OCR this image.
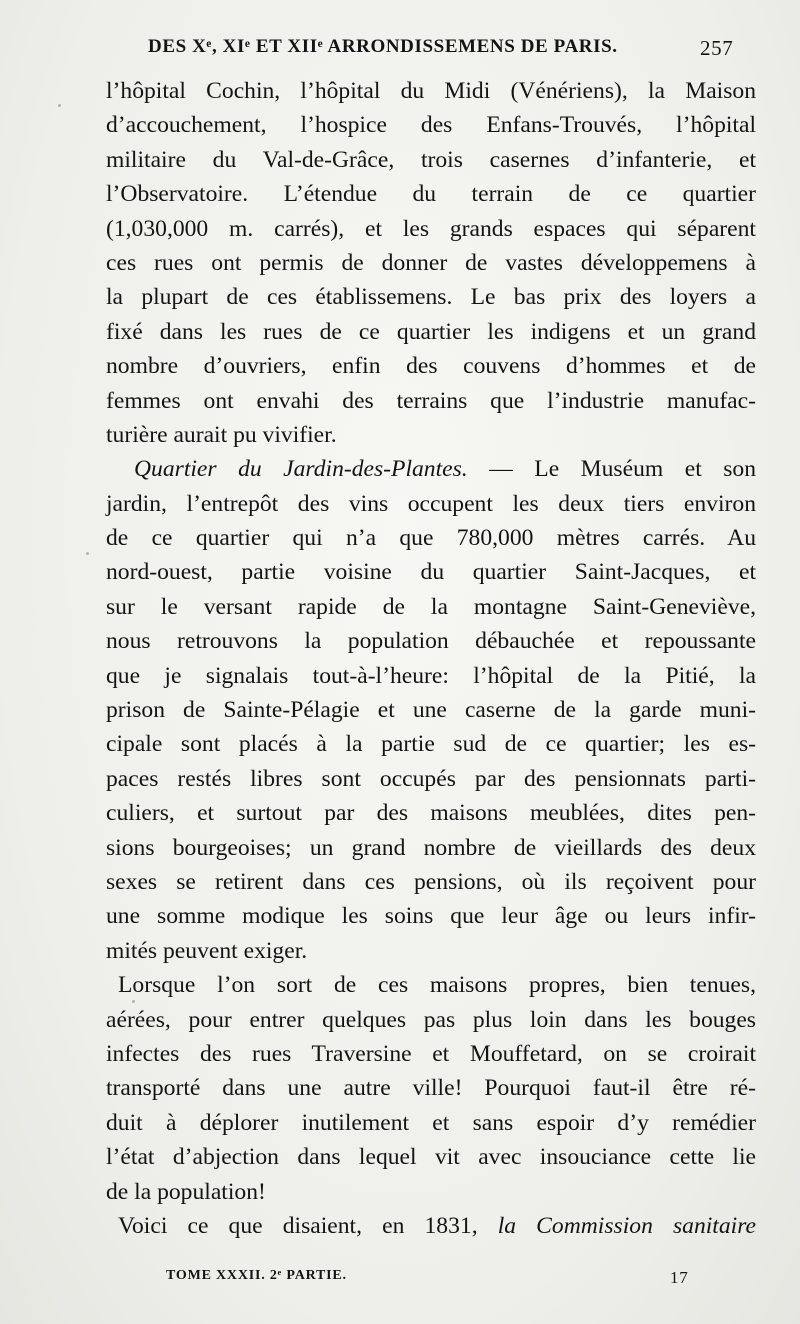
DES Xᵉ, XIᵉ ET XIIᵉ ARRONDISSEMENS DE PARIS.	257
l’hôpital Cochin, l’hôpital du Midi (Vénériens), la Maison
d’accouchement, l’hospice des Enfans-Trouvés, l’hôpital
militaire du Val-de-Grâce, trois casernes d’infanterie, et
l’Observatoire. L’étendue du terrain de ce quartier
(1,030,000 m. carrés), et les grands espaces qui séparent
ces rues ont permis de donner de vastes développemens à
la plupart de ces établissemens. Le bas prix des loyers a
fixé dans les rues de ce quartier les indigens et un grand
nombre d’ouvriers, enfin des couvens d’hommes et de
femmes ont envahi des terrains que l’industrie manufac-
turière aurait pu vivifier.
Quartier du Jardin-des-Plantes. — Le Muséum et son
jardin, l’entrepôt des vins occupent les deux tiers environ
de ce quartier qui n’a que 780,000 mètres carrés. Au
nord-ouest, partie voisine du quartier Saint-Jacques, et
sur le versant rapide de la montagne Saint-Geneviève,
nous retrouvons la population débauchée et repoussante
que je signalais tout-à-l’heure: l’hôpital de la Pitié, la
prison de Sainte-Pélagie et une caserne de la garde muni-
cipale sont placés à la partie sud de ce quartier; les es-
paces restés libres sont occupés par des pensionnats parti-
culiers, et surtout par des maisons meublées, dites pen-
sions bourgeoises; un grand nombre de vieillards des deux
sexes se retirent dans ces pensions, où ils reçoivent pour
une somme modique les soins que leur âge ou leurs infir-
mités peuvent exiger.
Lorsque l’on sort de ces maisons propres, bien tenues,
aérées, pour entrer quelques pas plus loin dans les bouges
infectes des rues Traversine et Mouffetard, on se croirait
transporté dans une autre ville! Pourquoi faut-il être ré-
duit à déplorer inutilement et sans espoir d’y remédier
l’état d’abjection dans lequel vit avec insouciance cette lie
de la population!
Voici ce que disaient, en 1831, la Commission sanitaire
TOME XXXII. 2ᵉ PARTIE.	17
